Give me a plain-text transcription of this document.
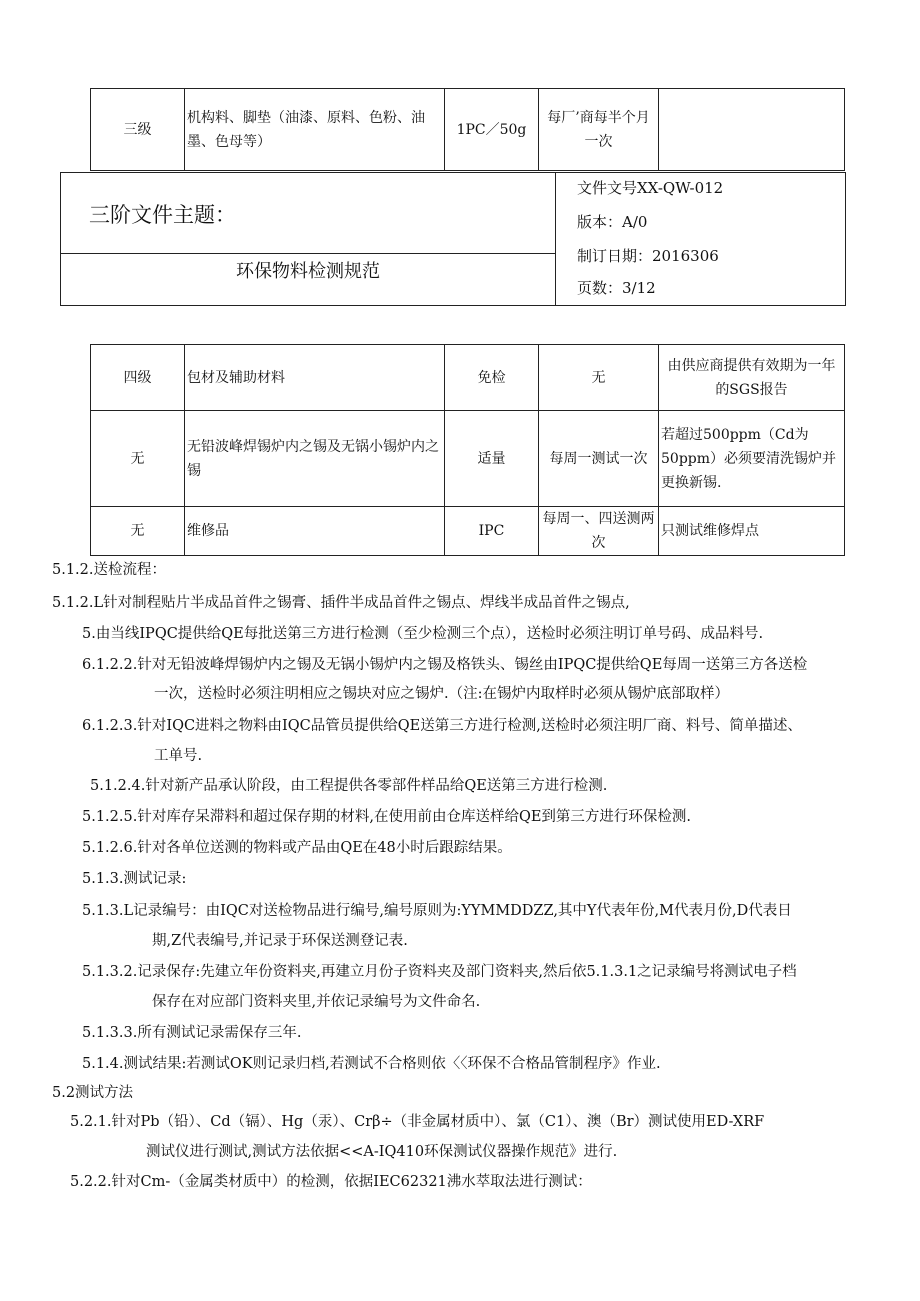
三级	机构料、脚垫（油漆、原料、色粉、油墨、色母等）	1PC／50g	每厂’商每半个月一次	
三阶文件主题：
环保物料检测规范
文件文号XX-QW-012
版本：A/0
制订日期：2016306
页数：3/12
四级	包材及辅助材料	免检	无	由供应商提供有效期为一年的SGS报告
无	无铅波峰焊锡炉内之锡及无锅小锡炉内之锡	适量	每周一测试一次	若超过500ppm（Cd为50ppm）必须要清洗锡炉并更换新锡.
无	维修品	IPC	每周一、四送测两次	只测试维修焊点
5.1.2.送检流程：
5.1.2.L针对制程贴片半成品首件之锡膏、插件半成品首件之锡点、焊线半成品首件之锡点,
5.由当线IPQC提供给QE每批送第三方进行检测（至少检测三个点），送检时必须注明订单号码、成品料号.
6.1.2.2.针对无铅波峰焊锡炉内之锡及无锅小锡炉内之锡及格铁头、锡丝由IPQC提供给QE每周一送第三方各送检
一次，送检时必须注明相应之锡块对应之锡炉.（注:在锡炉内取样时必须从锡炉底部取样）
6.1.2.3.针对IQC进料之物料由IQC品管员提供给QE送第三方进行检测,送检时必须注明厂商、料号、简单描述、
工单号.
5.1.2.4.针对新产品承认阶段，由工程提供各零部件样品给QE送第三方进行检测.
5.1.2.5.针对库存呆滞料和超过保存期的材料,在使用前由仓库送样给QE到第三方进行环保检测.
5.1.2.6.针对各单位送测的物料或产品由QE在48小时后跟踪结果。
5.1.3.测试记录:
5.1.3.L记录编号：由IQC对送检物品进行编号,编号原则为:YYMMDDZZ,其中Y代表年份,M代表月份,D代表日
期,Z代表编号,并记录于环保送测登记表.
5.1.3.2.记录保存:先建立年份资料夹,再建立月份子资料夹及部门资料夹,然后依5.1.3.1之记录编号将测试电子档
保存在对应部门资料夹里,并依记录编号为文件命名.
5.1.3.3.所有测试记录需保存三年.
5.1.4.测试结果:若测试OK则记录归档,若测试不合格则依〈〈环保不合格品管制程序》作业.
5.2测试方法
5.2.1.针对Pb（铅）、Cd（镉）、Hg（汞）、Crβ÷（非金属材质中）、氯（C1）、澳（Br）测试使用ED-XRF
测试仪进行测试,测试方法依据<<A-IQ410环保测试仪器操作规范》进行.
5.2.2.针对Cm-（金属类材质中）的检测，依据IEC62321沸水萃取法进行测试：
